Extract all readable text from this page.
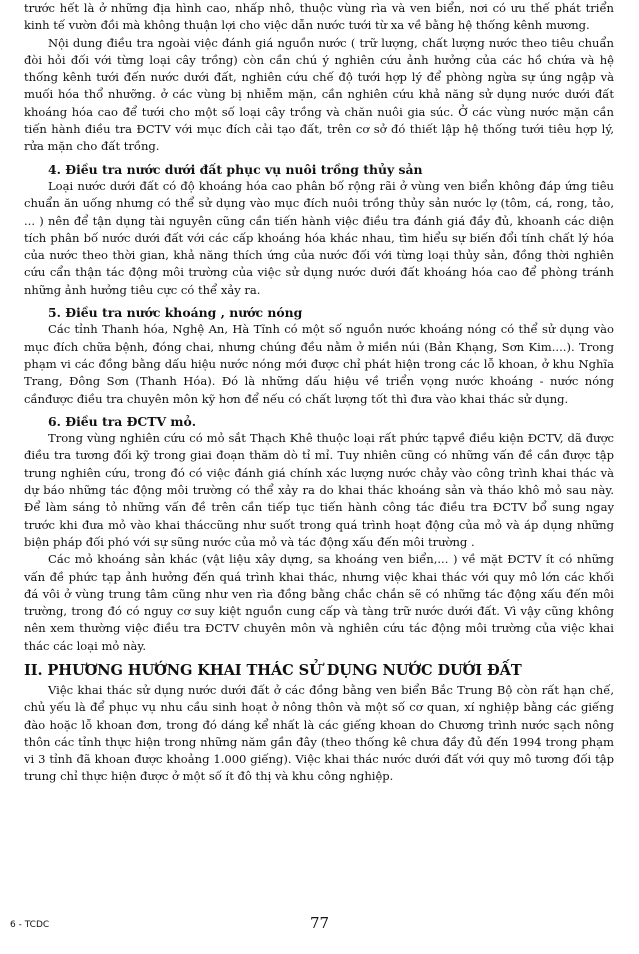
trước hết là ở những địa hình cao, nhấp nhô, thuộc vùng rìa và ven biển, nơi có ưu thế phát triển kinh tế vườn đồi mà không thuận lợi cho việc dẫn nước tưới từ xa về bằng hệ thống kênh mương.

Nội dung điều tra ngoài việc đánh giá nguồn nước ( trữ lượng, chất lượng nước theo tiêu chuẩn đòi hỏi đối với từng loại cây trồng) còn cần chú ý nghiên cứu ảnh hưởng của các hồ chứa và hệ thống kênh tưới đến nước dưới đất, nghiên cứu chế độ tưới hợp lý để phòng ngừa sự úng ngập và muối hóa thổ nhưỡng. ở các vùng bị nhiễm mặn, cần nghiên cứu khả năng sử dụng nước dưới đất khoáng hóa cao để tưới cho một số loại cây trồng và chăn nuôi gia súc. Ở các vùng nước mặn cần tiến hành điều tra ĐCTV với mục đích cải tạo đất, trên cơ sở đó thiết lập hệ thống tưới tiêu hợp lý, rửa mặn cho đất trồng.

4. Điều tra nước dưới đất phục vụ nuôi trồng thủy sản

Loại nước dưới đất có độ khoáng hóa cao phân bố rộng rãi ở vùng ven biển không đáp ứng tiêu chuẩn ăn uống nhưng có thể sử dụng vào mục đích nuôi trồng thủy sản nước lợ (tôm, cá, rong, tảo, ... ) nên để tận dụng tài nguyên cũng cần tiến hành việc điều tra đánh giá đầy đủ, khoanh các diện tích phân bố nước dưới đất với các cấp khoáng hóa khác nhau, tìm hiểu sự biến đổi tính chất lý hóa của nước theo thời gian, khả năng thích ứng của nước đối với từng loại thủy sản, đồng thời nghiên cứu cẩn thận tác động môi trường của việc sử dụng nước dưới đất khoáng hóa cao để phòng tránh những ảnh hưởng tiêu cực có thể xảy ra.

5. Điều tra nước khoáng , nước nóng

Các tỉnh Thanh hóa, Nghệ An, Hà Tĩnh có một số nguồn nước khoáng nóng có thể sử dụng vào mục đích chữa bệnh, đóng chai, nhưng chúng đều nằm ở miền núi (Bản Khạng, Sơn Kim....). Trong phạm vi các đồng bằng dấu hiệu nước nóng mới được chỉ phát hiện trong các lỗ khoan, ở khu Nghĩa Trang, Đông Sơn (Thanh Hóa). Đó là những dấu hiệu về triển vọng nước khoáng - nước nóng cầnđược điều tra chuyên môn kỹ hơn để nếu có chất lượng tốt thì đưa vào khai thác sử dụng.

6. Điều tra ĐCTV mỏ.

Trong vùng nghiên cứu có mỏ sắt Thạch Khê thuộc loại rất phức tạpvề điều kiện ĐCTV, dã được điều tra tương đối kỹ trong giai đoạn thăm dò tỉ mỉ. Tuy nhiên cũng có những vấn đề cần được tập trung nghiên cứu, trong đó có việc đánh giá chính xác lượng nước chảy vào công trình khai thác và dự báo những tác động môi trường có thể xảy ra do khai thác khoáng sản và tháo khô mỏ sau này. Để làm sáng tỏ những vấn đề trên cần tiếp tục tiến hành công tác điều tra ĐCTV bổ sung ngay trước khi đưa mỏ vào khai tháccũng như suốt trong quá trình hoạt động của mỏ và áp dụng những biện pháp đối phó với sự sũng nước của mỏ và tác động xấu đến môi trường .

Các mỏ khoáng sản khác (vật liệu xây dựng, sa khoáng ven biển,... ) về mặt ĐCTV ít có những vấn đề phức tạp ảnh hưởng đến quá trình khai thác, nhưng việc khai thác với quy mô lớn các khối đá vôi ở vùng trung tâm cũng như ven rìa đồng bằng chắc chắn sẽ có những tác động xấu đến môi trường, trong đó có nguy cơ suy kiệt nguồn cung cấp và tàng trữ nước dưới đất. Vì vậy cũng không nên xem thường việc điều tra ĐCTV chuyên môn và nghiên cứu tác động môi trường của việc khai thác các loại mỏ này.

II. PHƯƠNG HƯỚNG KHAI THÁC SỬ DỤNG NƯỚC DƯỚI ĐẤT

Việc khai thác sử dụng nước dưới đất ở các đồng bằng ven biển Bắc Trung Bộ còn rất hạn chế, chủ yếu là để phục vụ nhu cầu sinh hoạt ở nông thôn và một số cơ quan, xí nghiệp bằng các giếng đào hoặc lỗ khoan đơn, trong đó dáng kể nhất là các giếng khoan do Chương trình nước sạch nông thôn các tỉnh thực hiện trong những năm gần đây (theo thống kê chưa đầy đủ đến 1994 trong phạm vi 3 tỉnh đã khoan được khoảng 1.000 giếng). Việc khai thác nước dưới đất với quy mô tương đối tập trung chỉ thực hiện được ở một số ít đô thị và khu công nghiệp.

6 - TCDC	77
